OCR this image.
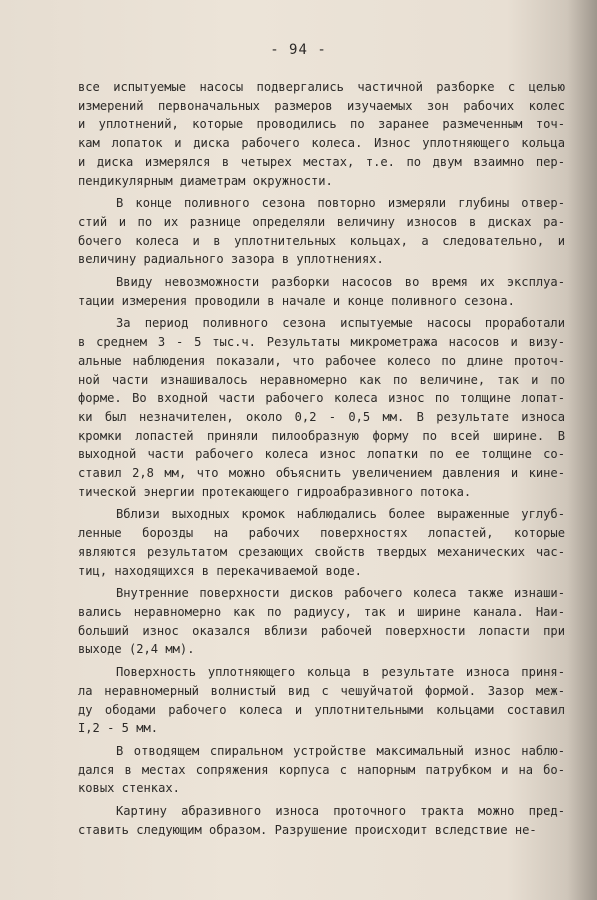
- 94 -
все испытуемые насосы подвергались частичной разборке с целью
измерений первоначальных размеров изучаемых зон рабочих колес
и уплотнений, которые проводились по заранее размеченным точ-
кам лопаток и диска рабочего колеса. Износ уплотняющего кольца
и диска измерялся в четырех местах, т.е. по двум взаимно пер-
пендикулярным диаметрам окружности.
В конце поливного сезона повторно измеряли глубины отвер-
стий и по их разнице определяли величину износов в дисках ра-
бочего колеса и в уплотнительных кольцах, а следовательно, и
величину радиального зазора в уплотнениях.
Ввиду невозможности разборки насосов во время их эксплуа-
тации измерения проводили в начале и конце поливного сезона.
За период поливного сезона испытуемые насосы проработали
в среднем 3 - 5 тыс.ч. Результаты микрометража насосов и визу-
альные наблюдения показали, что рабочее колесо по длине проточ-
ной части изнашивалось неравномерно как по величине, так и по
форме. Во входной части рабочего колеса износ по толщине лопат-
ки был незначителен, около 0,2 - 0,5 мм. В результате износа
кромки лопастей приняли пилообразную форму по всей ширине. В
выходной части рабочего колеса износ лопатки по ее толщине со-
ставил 2,8 мм, что можно объяснить увеличением давления и кине-
тической энергии протекающего гидроабразивного потока.
Вблизи выходных кромок наблюдались более выраженные углуб-
ленные борозды на рабочих поверхностях лопастей, которые
являются результатом срезающих свойств твердых механических час-
тиц, находящихся в перекачиваемой воде.
Внутренние поверхности дисков рабочего колеса также изнаши-
вались неравномерно как по радиусу, так и ширине канала. Наи-
больший износ оказался вблизи рабочей поверхности лопасти при
выходе (2,4 мм).
Поверхность уплотняющего кольца в результате износа приня-
ла неравномерный волнистый вид с чешуйчатой формой. Зазор меж-
ду ободами рабочего колеса и уплотнительными кольцами составил
I,2 - 5 мм.
В отводящем спиральном устройстве максимальный износ наблю-
дался в местах сопряжения корпуса с напорным патрубком и на бо-
ковых стенках.
Картину абразивного износа проточного тракта можно пред-
ставить следующим образом. Разрушение происходит вследствие не-
